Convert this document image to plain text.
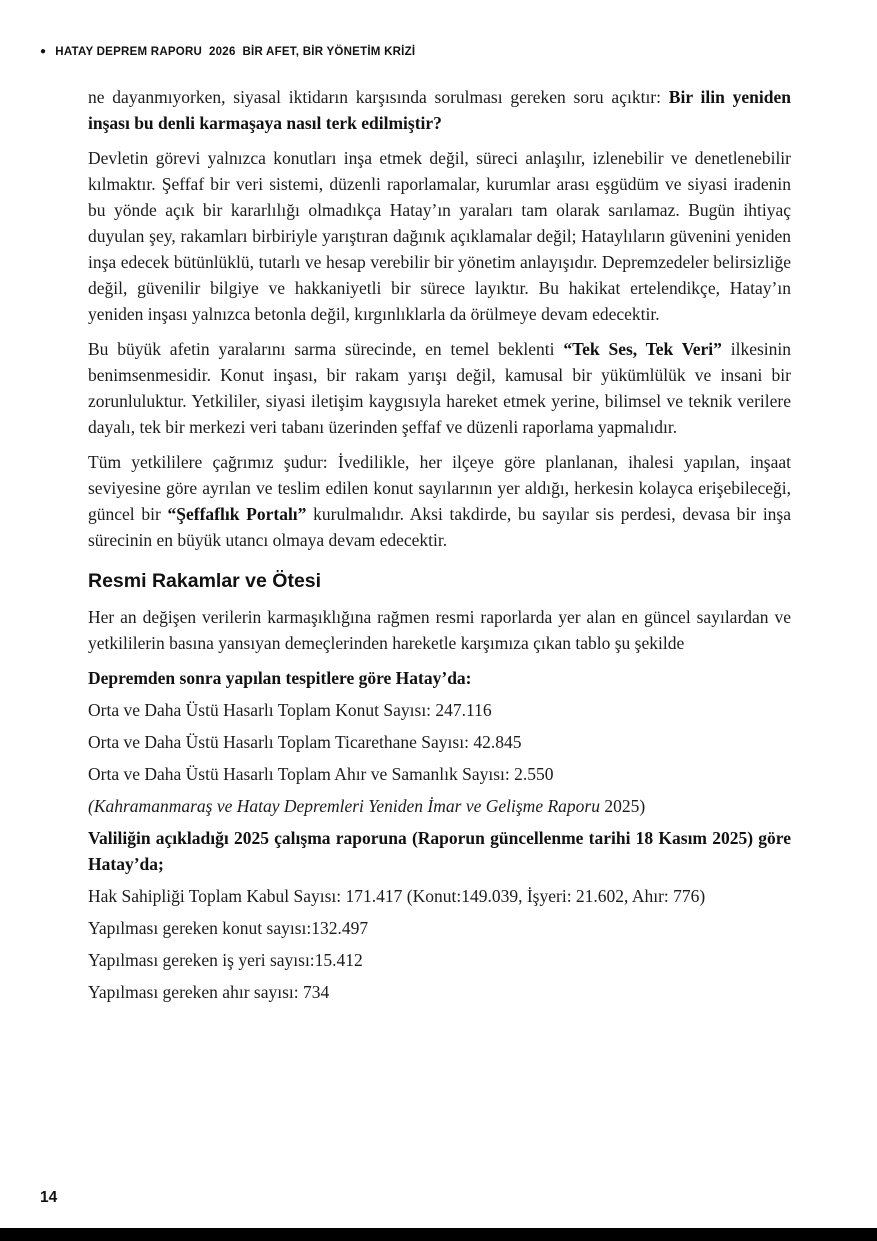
● HATAY DEPREM RAPORU  2026  BİR AFET, BİR YÖNETİM KRİZİ

ne dayanmıyorken, siyasal iktidarın karşısında sorulması gereken soru açıktır: Bir ilin yeniden inşası bu denli karmaşaya nasıl terk edilmiştir?

Devletin görevi yalnızca konutları inşa etmek değil, süreci anlaşılır, izlenebilir ve denetlenebilir kılmaktır. Şeffaf bir veri sistemi, düzenli raporlamalar, kurumlar arası eşgüdüm ve siyasi iradenin bu yönde açık bir kararlılığı olmadıkça Hatay’ın yaraları tam olarak sarılamaz. Bugün ihtiyaç duyulan şey, rakamları birbiriyle yarıştıran dağınık açıklamalar değil; Hataylıların güvenini yeniden inşa edecek bütünlüklü, tutarlı ve hesap verebilir bir yönetim anlayışıdır. Depremzedeler belirsizliğe değil, güvenilir bilgiye ve hakkaniyetli bir sürece layıktır. Bu hakikat ertelendikçe, Hatay’ın yeniden inşası yalnızca betonla değil, kırgınlıklarla da örülmeye devam edecektir.

Bu büyük afetin yaralarını sarma sürecinde, en temel beklenti “Tek Ses, Tek Veri” ilkesinin benimsenmesidir. Konut inşası, bir rakam yarışı değil, kamusal bir yükümlülük ve insani bir zorunluluktur. Yetkililer, siyasi iletişim kaygısıyla hareket etmek yerine, bilimsel ve teknik verilere dayalı, tek bir merkezi veri tabanı üzerinden şeffaf ve düzenli raporlama yapmalıdır.

Tüm yetkililere çağrımız şudur: İvedilikle, her ilçeye göre planlanan, ihalesi yapılan, inşaat seviyesine göre ayrılan ve teslim edilen konut sayılarının yer aldığı, herkesin kolayca erişebileceği, güncel bir “Şeffaflık Portalı” kurulmalıdır. Aksi takdirde, bu sayılar sis perdesi, devasa bir inşa sürecinin en büyük utancı olmaya devam edecektir.

Resmi Rakamlar ve Ötesi

Her an değişen verilerin karmaşıklığına rağmen resmi raporlarda yer alan en güncel sayılardan ve yetkililerin basına yansıyan demeçlerinden hareketle karşımıza çıkan tablo şu şekilde

Depremden sonra yapılan tespitlere göre Hatay’da:

Orta ve Daha Üstü Hasarlı Toplam Konut Sayısı: 247.116

Orta ve Daha Üstü Hasarlı Toplam Ticarethane Sayısı: 42.845

Orta ve Daha Üstü Hasarlı Toplam Ahır ve Samanlık Sayısı: 2.550

(Kahramanmaraş ve Hatay Depremleri Yeniden İmar ve Gelişme Raporu 2025)

Valiliğin açıkladığı 2025 çalışma raporuna (Raporun güncellenme tarihi 18 Kasım 2025) göre Hatay’da;

Hak Sahipliği Toplam Kabul Sayısı: 171.417 (Konut:149.039, İşyeri: 21.602, Ahır: 776)

Yapılması gereken konut sayısı:132.497

Yapılması gereken iş yeri sayısı:15.412

Yapılması gereken ahır sayısı: 734

14
